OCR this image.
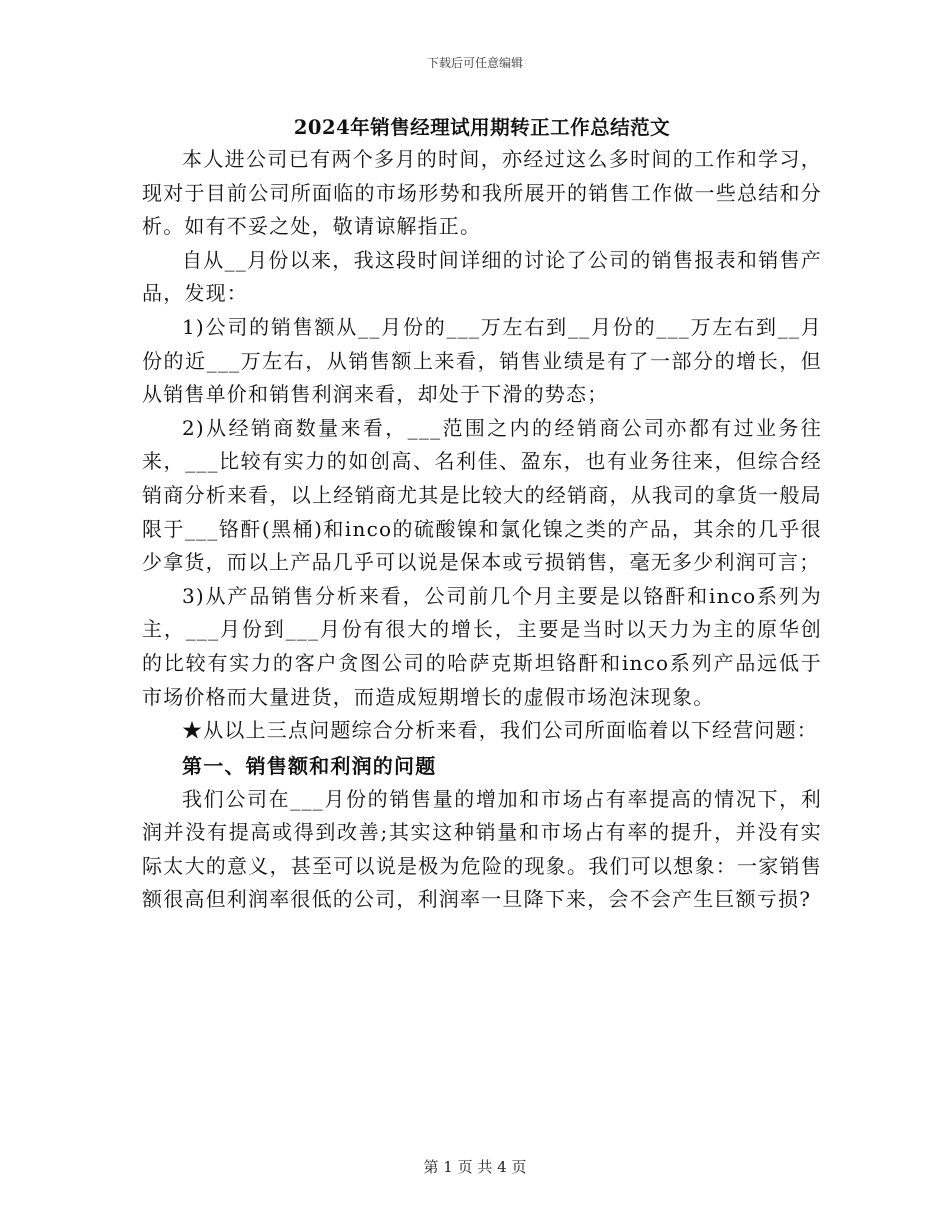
下载后可任意编辑
2024年销售经理试用期转正工作总结范文

本人进公司已有两个多月的时间，亦经过这么多时间的工作和学习，现对于目前公司所面临的市场形势和我所展开的销售工作做一些总结和分析。如有不妥之处，敬请谅解指正。

自从__月份以来，我这段时间详细的讨论了公司的销售报表和销售产品，发现：

1)公司的销售额从__月份的___万左右到__月份的___万左右到__月份的近___万左右，从销售额上来看，销售业绩是有了一部分的增长，但从销售单价和销售利润来看，却处于下滑的势态；

2)从经销商数量来看，___范围之内的经销商公司亦都有过业务往来，___比较有实力的如创高、名利佳、盈东，也有业务往来，但综合经销商分析来看，以上经销商尤其是比较大的经销商，从我司的拿货一般局限于___铬酐(黑桶)和inco的硫酸镍和氯化镍之类的产品，其余的几乎很少拿货，而以上产品几乎可以说是保本或亏损销售，毫无多少利润可言；

3)从产品销售分析来看，公司前几个月主要是以铬酐和inco系列为主，___月份到___月份有很大的增长，主要是当时以天力为主的原华创的比较有实力的客户贪图公司的哈萨克斯坦铬酐和inco系列产品远低于市场价格而大量进货，而造成短期增长的虚假市场泡沫现象。

★从以上三点问题综合分析来看，我们公司所面临着以下经营问题：

第一、销售额和利润的问题

我们公司在___月份的销售量的增加和市场占有率提高的情况下，利润并没有提高或得到改善;其实这种销量和市场占有率的提升，并没有实际太大的意义，甚至可以说是极为危险的现象。我们可以想象：一家销售额很高但利润率很低的公司，利润率一旦降下来，会不会产生巨额亏损?

第 1 页 共 4 页
